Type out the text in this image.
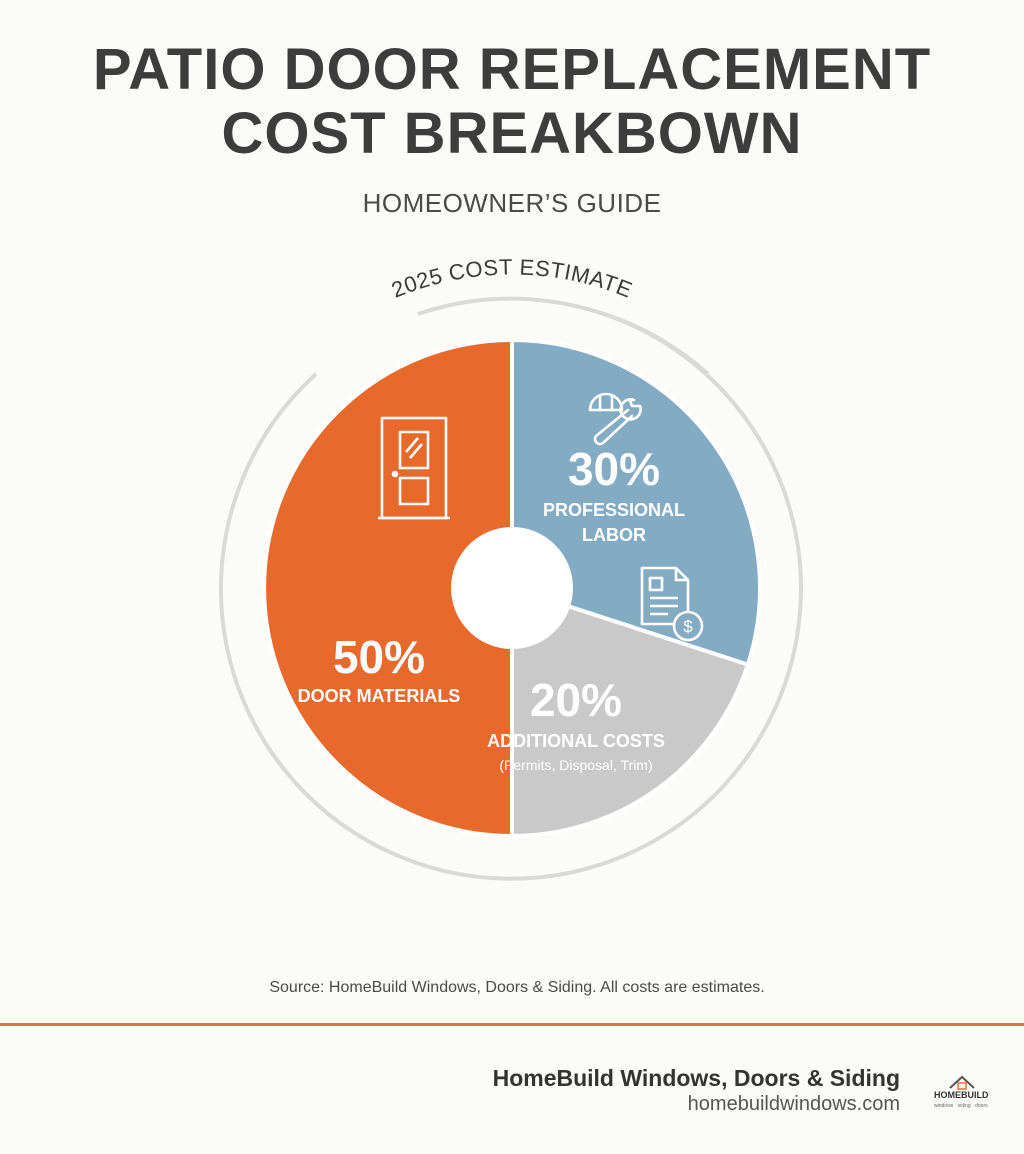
PATIO DOOR REPLACEMENT
COST BREAKBOWN
HOMEOWNER’S GUIDE
2025 COST ESTIMATE
$
30%
PROFESSIONAL
LABOR
20%
ADDITIONAL COSTS
(Permits, Disposal, Trim)
50%
DOOR MATERIALS
Source: HomeBuild Windows, Doors & Siding. All costs are estimates.
HomeBuild Windows, Doors & Siding
homebuildwindows.com	HOMEBUILD
windows · siding · doors
